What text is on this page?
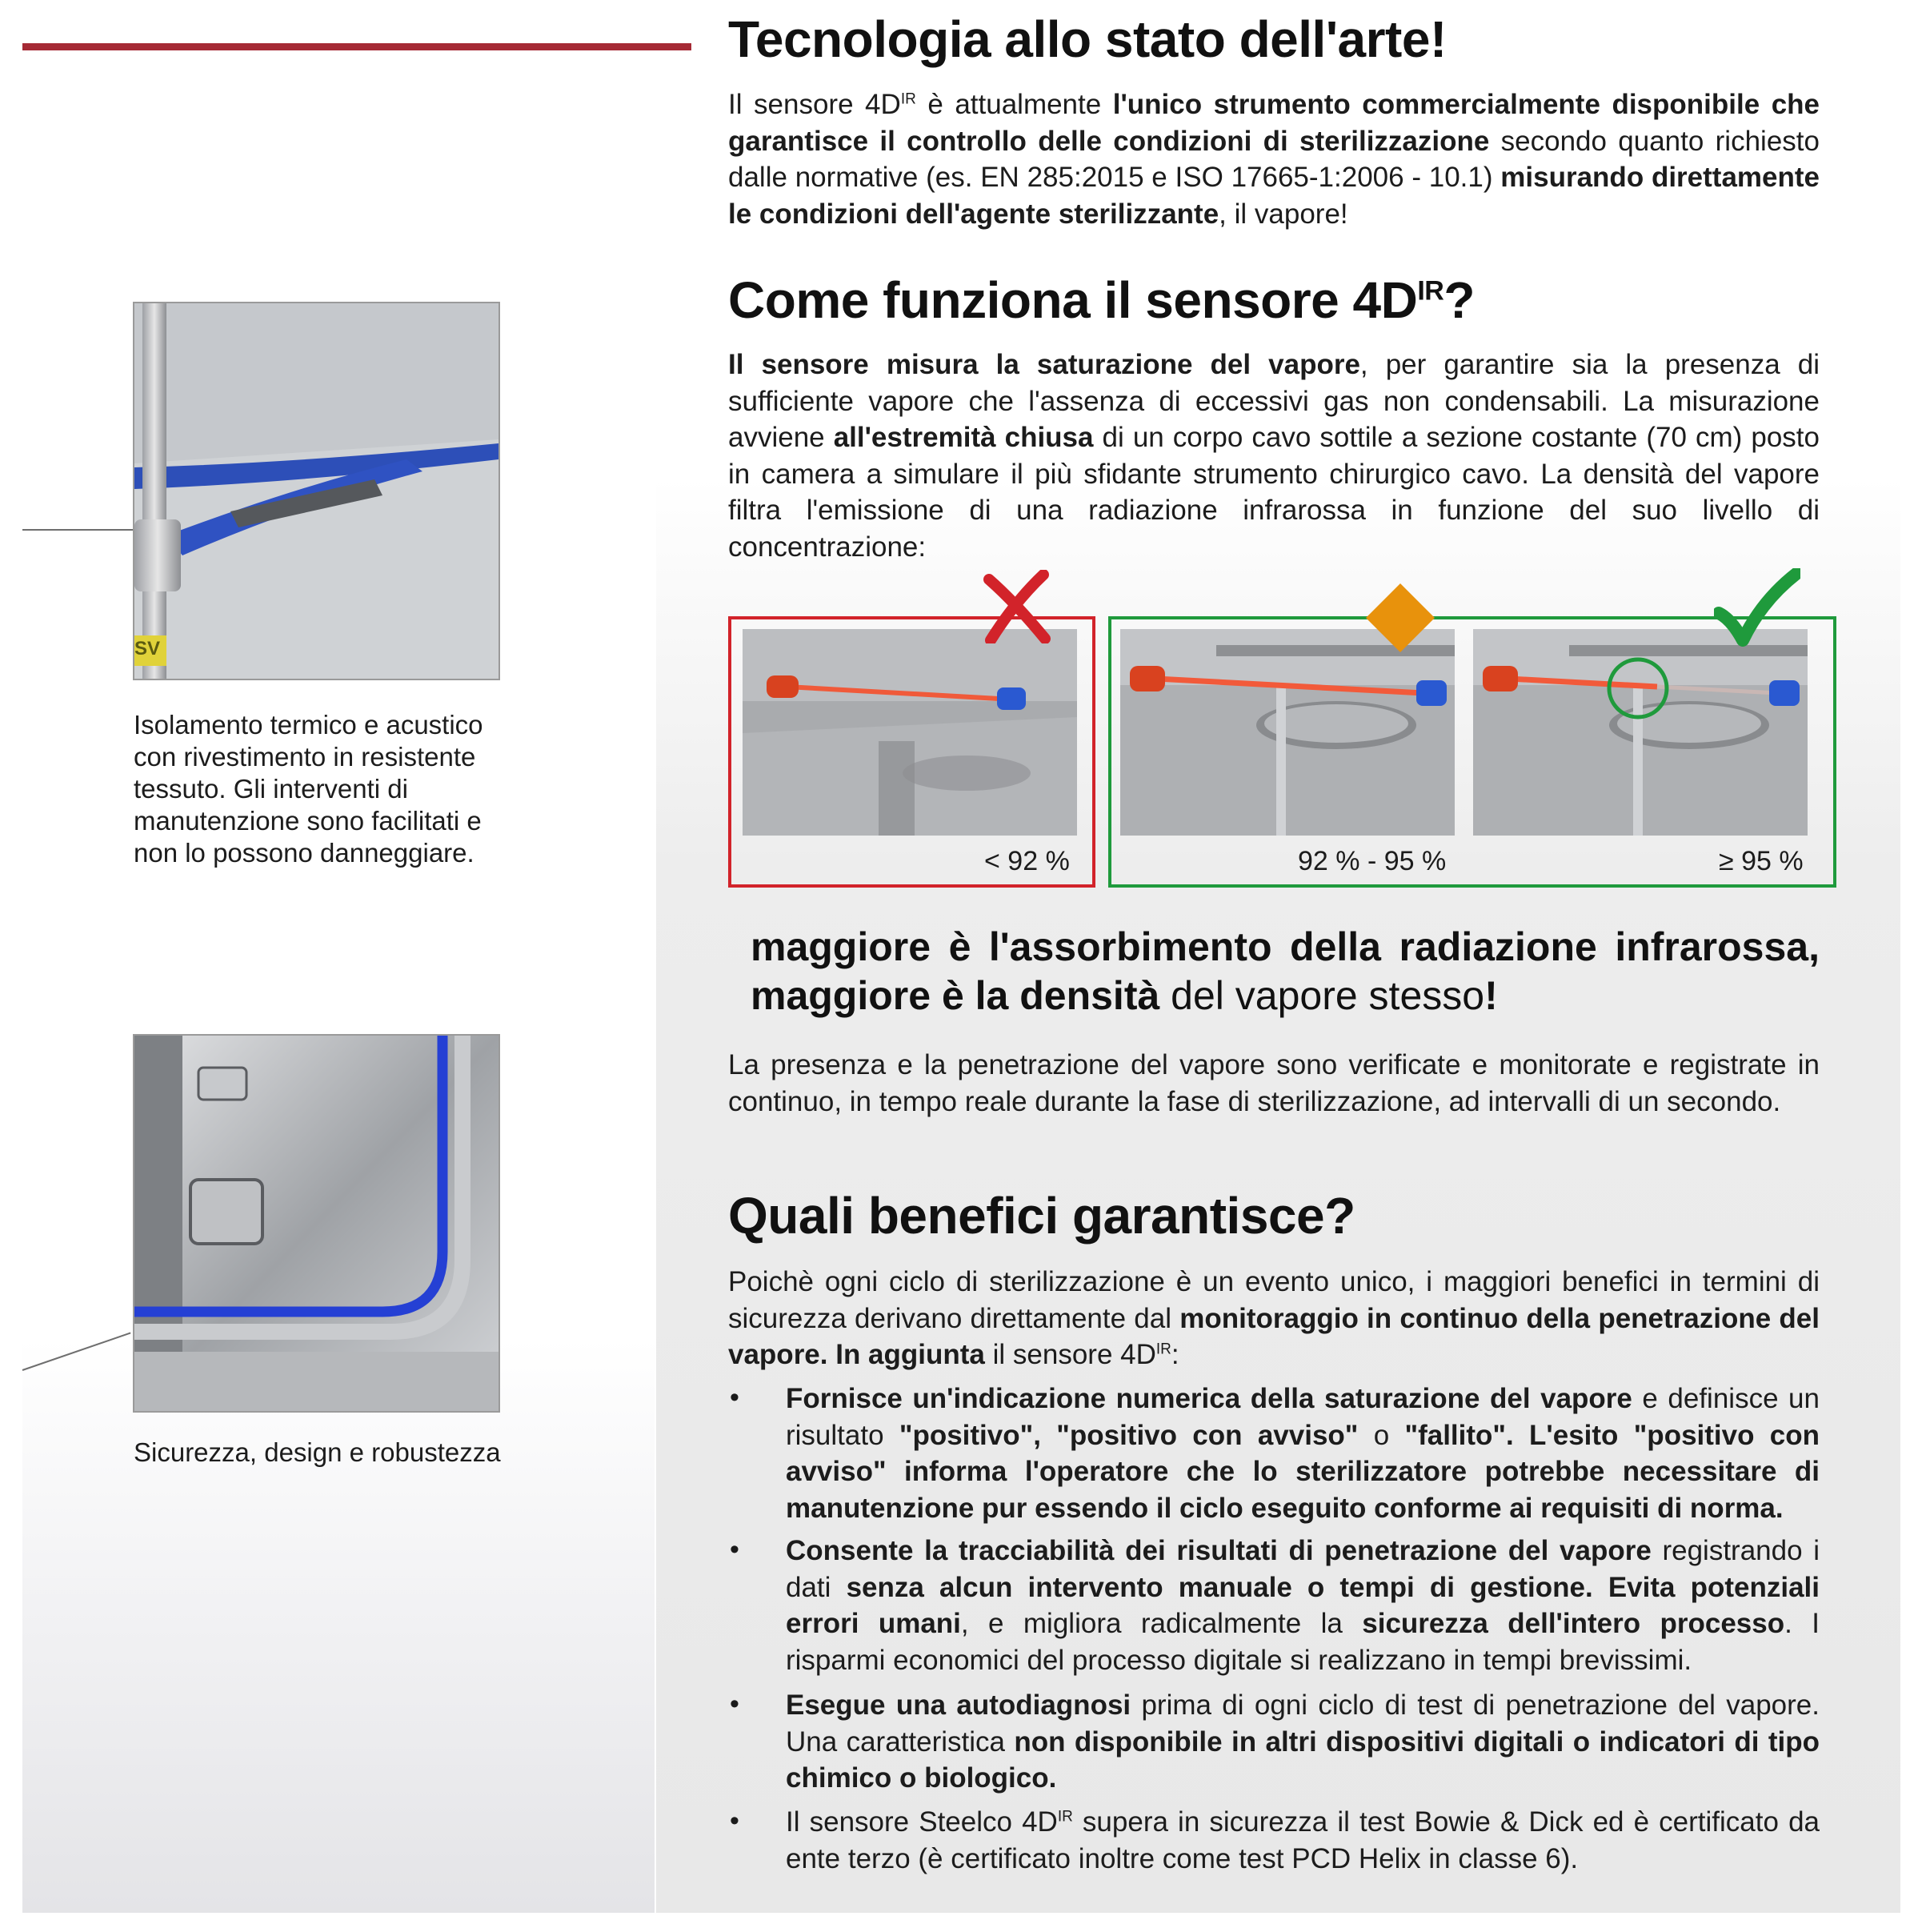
Isolamento termico e acustico con rivestimento in resistente tessuto. Gli interventi di manutenzione sono facilitati e non lo possono danneggiare.
Sicurezza, design e robustezza
Tecnologia allo stato dell'arte!

Il sensore $4D^{IR}$ è attualmente l'unico strumento commercialmente disponibile che garantisce il controllo delle condizioni di sterilizzazione secondo quanto richiesto dalle normative (es. EN 285:2015 e ISO 17665-1:2006 - 10.1) misurando direttamente le condizioni dell'agente sterilizzante, il vapore!

Come funziona il sensore $4D^{IR}$?

Il sensore misura la saturazione del vapore, per garantire sia la presenza di sufficiente vapore che l'assenza di eccessivi gas non condensabili. La misurazione avviene all'estremità chiusa di un corpo cavo sottile a sezione costante (70 cm) posto in camera a simulare il più sfidante strumento chirurgico cavo. La densità del vapore filtra l'emissione di una radiazione infrarossa in funzione del suo livello di concentrazione:

< 92 %	92 % - 95 %	≥ 95 %

maggiore è l'assorbimento della radiazione infrarossa, maggiore è la densità del vapore stesso!

La presenza e la penetrazione del vapore sono verificate e monitorate e registrate in continuo, in tempo reale durante la fase di sterilizzazione, ad intervalli di un secondo.

Quali benefici garantisce?

Poichè ogni ciclo di sterilizzazione è un evento unico, i maggiori benefici in termini di sicurezza derivano direttamente dal monitoraggio in continuo della penetrazione del vapore. In aggiunta il sensore $4D^{IR}$:

• Fornisce un'indicazione numerica della saturazione del vapore e definisce un risultato "positivo", "positivo con avviso" o "fallito". L'esito "positivo con avviso" informa l'operatore che lo sterilizzatore potrebbe necessitare di manutenzione pur essendo il ciclo eseguito conforme ai requisiti di norma.

• Consente la tracciabilità dei risultati di penetrazione del vapore registrando i dati senza alcun intervento manuale o tempi di gestione. Evita potenziali errori umani, e migliora radicalmente la sicurezza dell'intero processo. I risparmi economici del processo digitale si realizzano in tempi brevissimi.

• Esegue una autodiagnosi prima di ogni ciclo di test di penetrazione del vapore. Una caratteristica non disponibile in altri dispositivi digitali o indicatori di tipo chimico o biologico.

• Il sensore Steelco $4D^{IR}$ supera in sicurezza il test Bowie & Dick ed è certificato da ente terzo (è certificato inoltre come test PCD Helix in classe 6).

SV
